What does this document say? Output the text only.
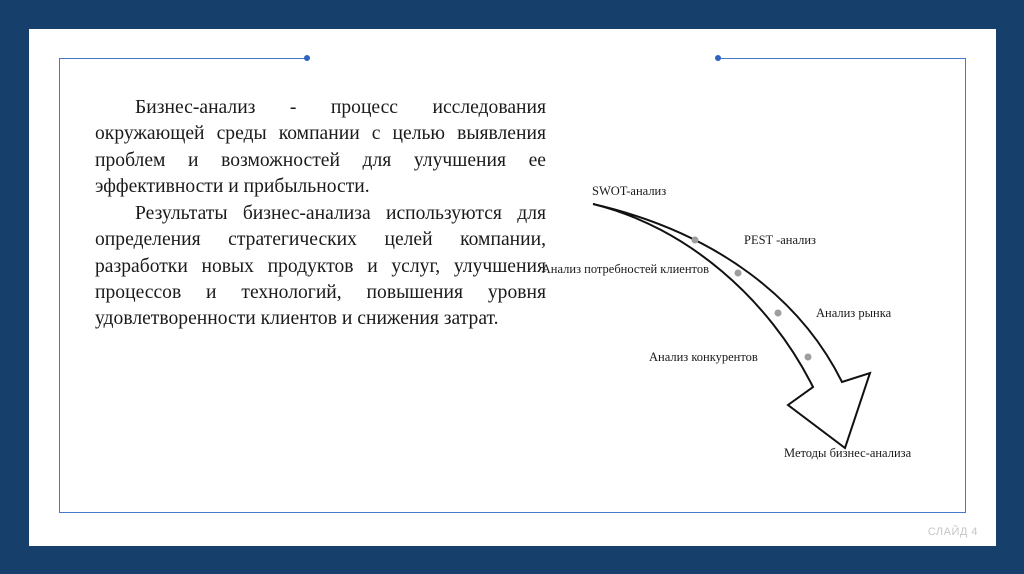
Бизнес-анализ - процесс исследования окружающей среды компании с целью выявления проблем и возможностей для улучшения ее эффективности и прибыльности.

Результаты бизнес-анализа используются для определения стратегических целей компании, разработки новых продуктов и услуг, улучшения процессов и технологий, повышения уровня удовлетворенности клиентов и снижения затрат.

SWOT-анализ
PEST -анализ
Анализ потребностей клиентов
Анализ рынка
Анализ конкурентов
Методы бизнес-анализа
СЛАЙД 4
